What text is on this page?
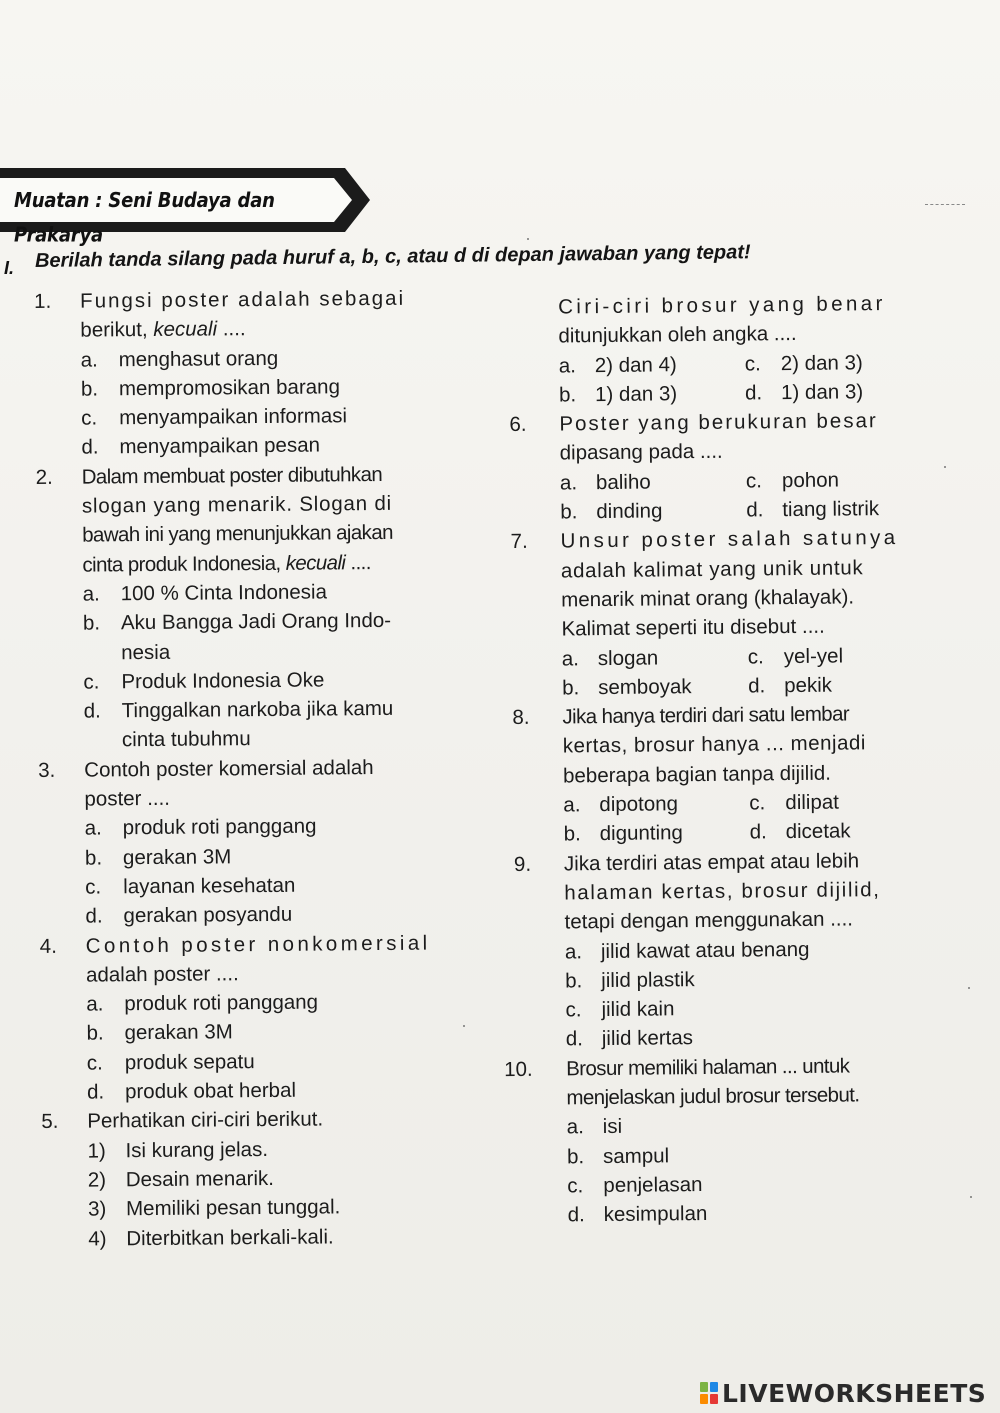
Muatan : Seni Budaya dan Prakarya
I. Berilah tanda silang pada huruf a, b, c, atau d di depan jawaban yang tepat!
1. Fungsi poster adalah sebagai
berikut, kecuali ....
a. menghasut orang
b. mempromosikan barang
c. menyampaikan informasi
d. menyampaikan pesan
2. Dalam membuat poster dibutuhkan
slogan yang menarik. Slogan di
bawah ini yang menunjukkan ajakan
cinta produk Indonesia, kecuali ....
a. 100 % Cinta Indonesia
b. Aku Bangga Jadi Orang Indo-
nesia
c. Produk Indonesia Oke
d. Tinggalkan narkoba jika kamu
cinta tubuhmu
3. Contoh poster komersial adalah
poster ....
a. produk roti panggang
b. gerakan 3M
c. layanan kesehatan
d. gerakan posyandu
4. Contoh poster nonkomersial
adalah poster ....
a. produk roti panggang
b. gerakan 3M
c. produk sepatu
d. produk obat herbal
5. Perhatikan ciri-ciri berikut.
1) Isi kurang jelas.
2) Desain menarik.
3) Memiliki pesan tunggal.
4) Diterbitkan berkali-kali.
Ciri-ciri brosur yang benar
ditunjukkan oleh angka ....
a. 2) dan 4)	c. 2) dan 3)
b. 1) dan 3)	d. 1) dan 3)
6. Poster yang berukuran besar
dipasang pada ....
a. baliho	c. pohon
b. dinding	d. tiang listrik
7. Unsur poster salah satunya
adalah kalimat yang unik untuk
menarik minat orang (khalayak).
Kalimat seperti itu disebut ....
a. slogan	c. yel-yel
b. semboyak	d. pekik
8. Jika hanya terdiri dari satu lembar
kertas, brosur hanya ... menjadi
beberapa bagian tanpa dijilid.
a. dipotong	c. dilipat
b. digunting	d. dicetak
9. Jika terdiri atas empat atau lebih
halaman kertas, brosur dijilid,
tetapi dengan menggunakan ....
a. jilid kawat atau benang
b. jilid plastik
c. jilid kain
d. jilid kertas
10. Brosur memiliki halaman ... untuk
menjelaskan judul brosur tersebut.
a. isi
b. sampul
c. penjelasan
d. kesimpulan
LIVEWORKSHEETS
